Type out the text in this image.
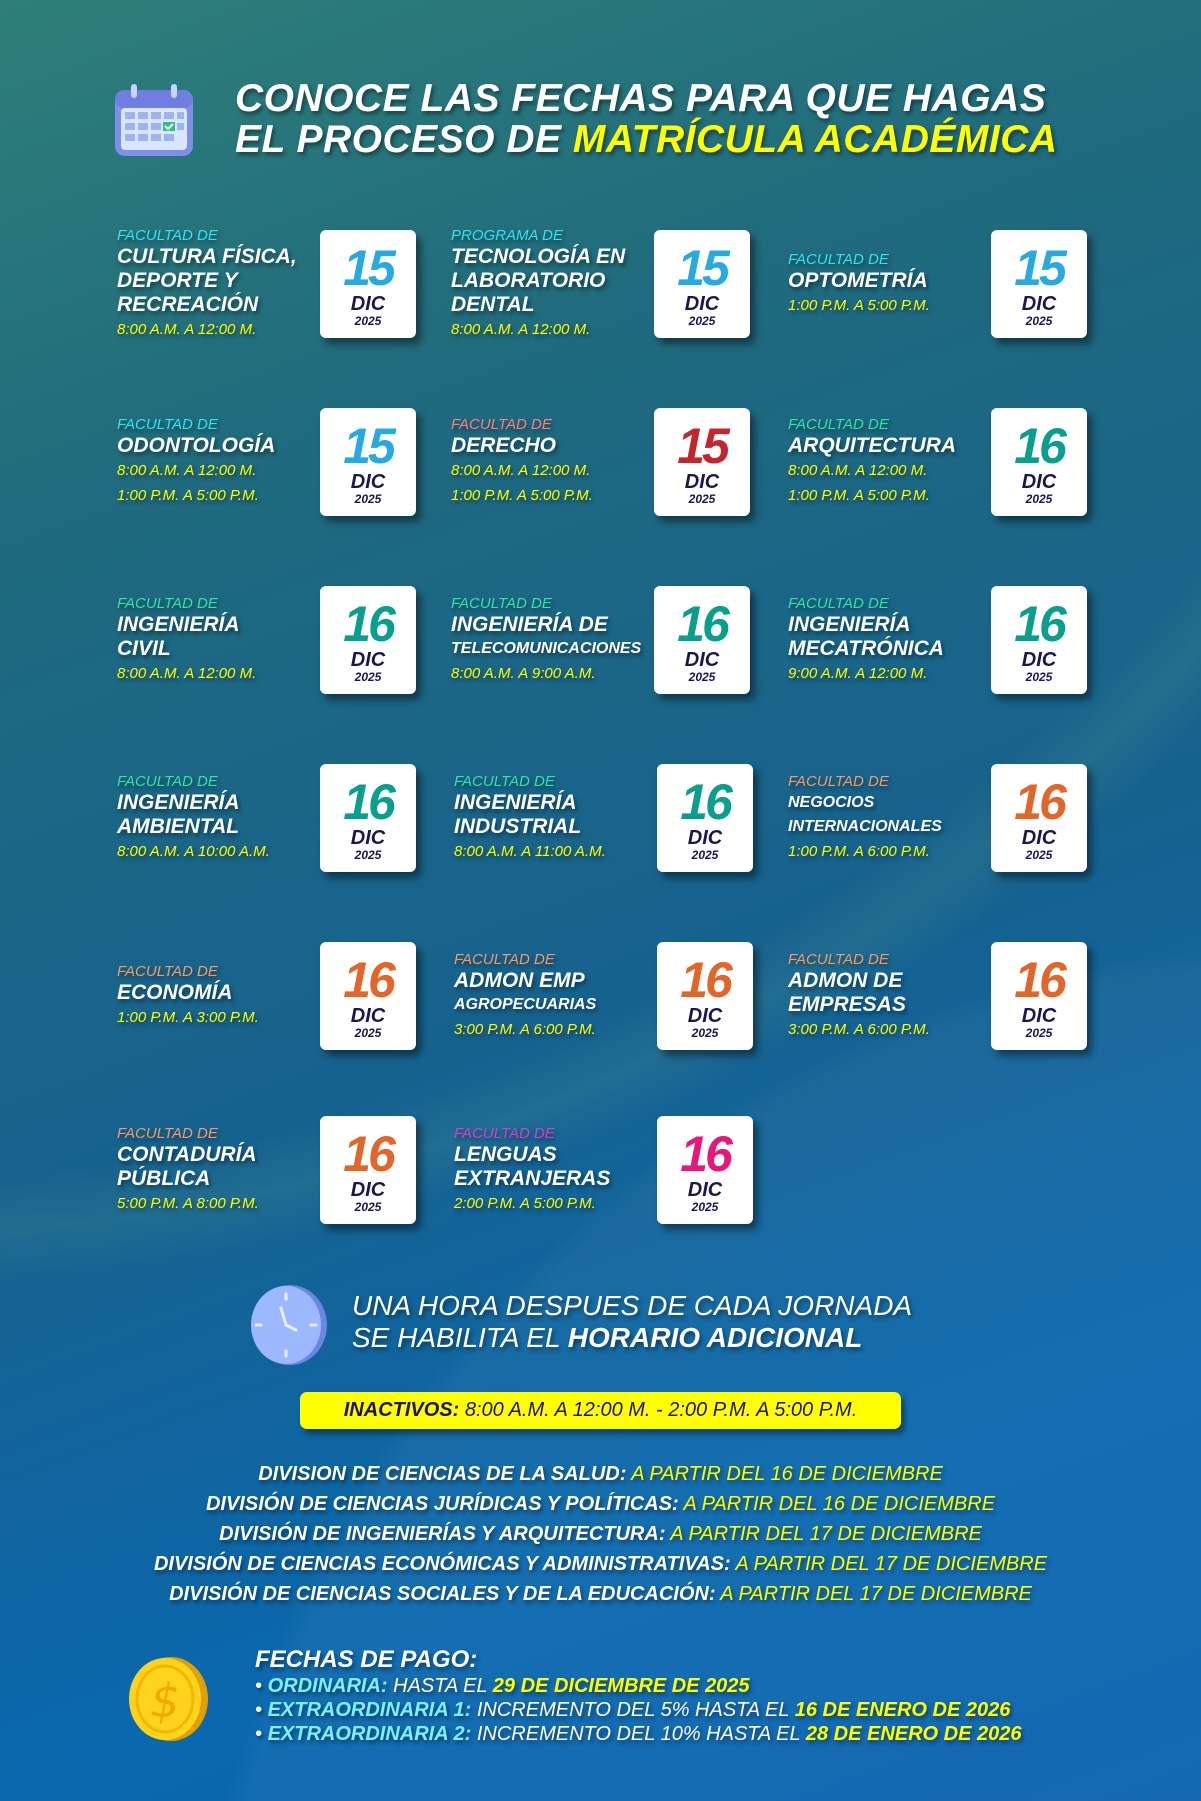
CONOCE LAS FECHAS PARA QUE HAGAS
EL PROCESO DE MATRÍCULA ACADÉMICA
FACULTAD DE
CULTURA FÍSICA,
DEPORTE Y
RECREACIÓN
8:00 A.M. A 12:00 M.
15
DIC
2025
PROGRAMA DE
TECNOLOGÍA EN
LABORATORIO
DENTAL
8:00 A.M. A 12:00 M.
15
DIC
2025
FACULTAD DE
OPTOMETRÍA
1:00 P.M. A 5:00 P.M.
15
DIC
2025
FACULTAD DE
ODONTOLOGÍA
8:00 A.M. A 12:00 M.
1:00 P.M. A 5:00 P.M.
15
DIC
2025
FACULTAD DE
DERECHO
8:00 A.M. A 12:00 M.
1:00 P.M. A 5:00 P.M.
15
DIC
2025
FACULTAD DE
ARQUITECTURA
8:00 A.M. A 12:00 M.
1:00 P.M. A 5:00 P.M.
16
DIC
2025
FACULTAD DE
INGENIERÍA
CIVIL
8:00 A.M. A 12:00 M.
16
DIC
2025
FACULTAD DE
INGENIERÍA DE
TELECOMUNICACIONES
8:00 A.M. A 9:00 A.M.
16
DIC
2025
FACULTAD DE
INGENIERÍA
MECATRÓNICA
9:00 A.M. A 12:00 M.
16
DIC
2025
FACULTAD DE
INGENIERÍA
AMBIENTAL
8:00 A.M. A 10:00 A.M.
16
DIC
2025
FACULTAD DE
INGENIERÍA
INDUSTRIAL
8:00 A.M. A 11:00 A.M.
16
DIC
2025
FACULTAD DE
NEGOCIOS
INTERNACIONALES
1:00 P.M. A 6:00 P.M.
16
DIC
2025
FACULTAD DE
ECONOMÍA
1:00 P.M. A 3:00 P.M.
16
DIC
2025
FACULTAD DE
ADMON EMP
AGROPECUARIAS
3:00 P.M. A 6:00 P.M.
16
DIC
2025
FACULTAD DE
ADMON DE
EMPRESAS
3:00 P.M. A 6:00 P.M.
16
DIC
2025
FACULTAD DE
CONTADURÍA
PÚBLICA
5:00 P.M. A 8:00 P.M.
16
DIC
2025
FACULTAD DE
LENGUAS
EXTRANJERAS
2:00 P.M. A 5:00 P.M.
16
DIC
2025
UNA HORA DESPUES DE CADA JORNADA
SE HABILITA EL HORARIO ADICIONAL
INACTIVOS: 8:00 A.M. A 12:00 M. - 2:00 P.M. A 5:00 P.M.
DIVISION DE CIENCIAS DE LA SALUD: A PARTIR DEL 16 DE DICIEMBRE
DIVISIÓN DE CIENCIAS JURÍDICAS Y POLÍTICAS: A PARTIR DEL 16 DE DICIEMBRE
DIVISIÓN DE INGENIERÍAS Y ARQUITECTURA: A PARTIR DEL 17 DE DICIEMBRE
DIVISIÓN DE CIENCIAS ECONÓMICAS Y ADMINISTRATIVAS: A PARTIR DEL 17 DE DICIEMBRE
DIVISIÓN DE CIENCIAS SOCIALES Y DE LA EDUCACIÓN: A PARTIR DEL 17 DE DICIEMBRE
$
FECHAS DE PAGO:
• ORDINARIA: HASTA EL 29 DE DICIEMBRE DE 2025
• EXTRAORDINARIA 1: INCREMENTO DEL 5% HASTA EL 16 DE ENERO DE 2026
• EXTRAORDINARIA 2: INCREMENTO DEL 10% HASTA EL 28 DE ENERO DE 2026
